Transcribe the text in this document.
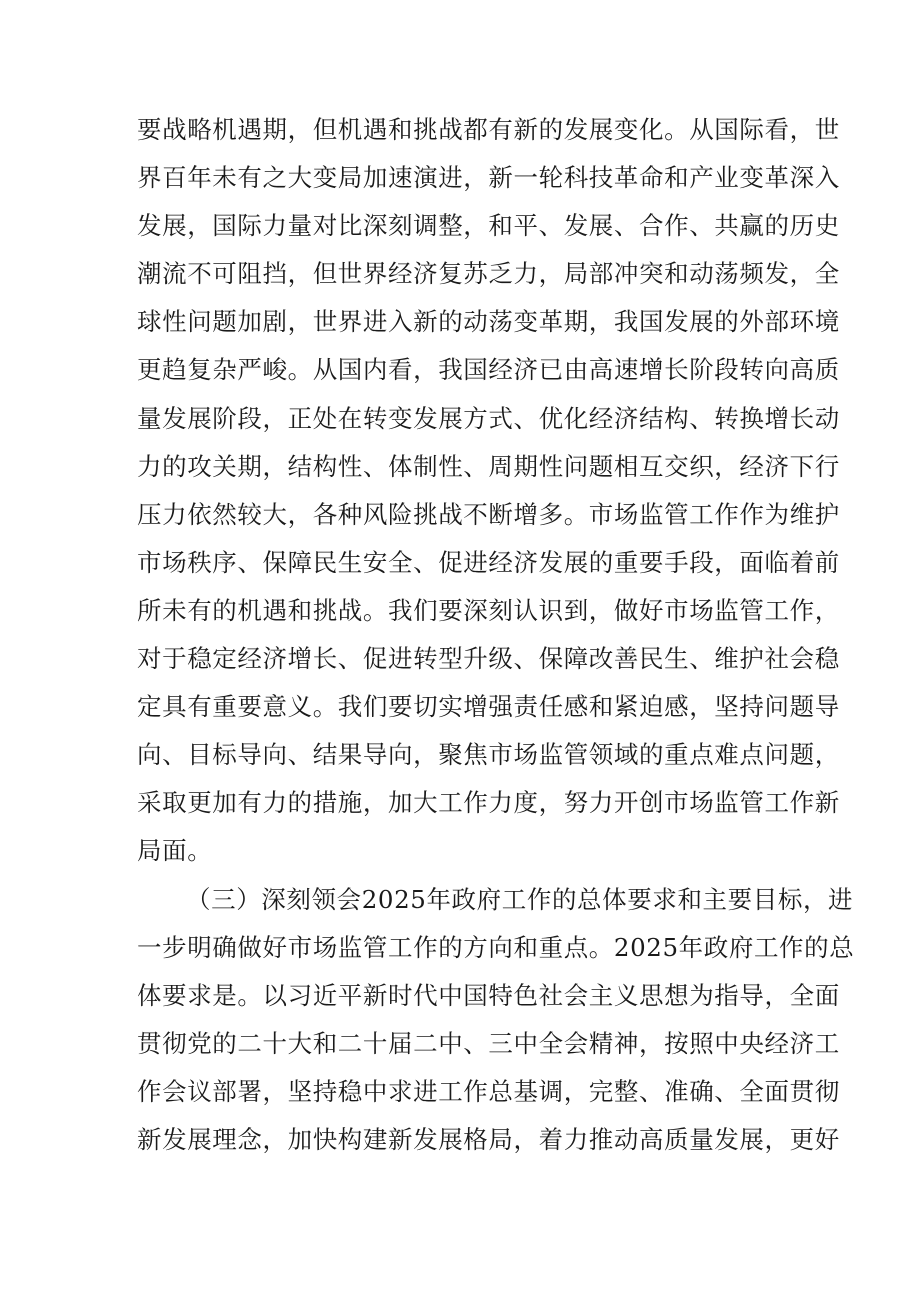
要战略机遇期，但机遇和挑战都有新的发展变化。从国际看，世
界百年未有之大变局加速演进，新一轮科技革命和产业变革深入
发展，国际力量对比深刻调整，和平、发展、合作、共赢的历史
潮流不可阻挡，但世界经济复苏乏力，局部冲突和动荡频发，全
球性问题加剧，世界进入新的动荡变革期，我国发展的外部环境
更趋复杂严峻。从国内看，我国经济已由高速增长阶段转向高质
量发展阶段，正处在转变发展方式、优化经济结构、转换增长动
力的攻关期，结构性、体制性、周期性问题相互交织，经济下行
压力依然较大，各种风险挑战不断增多。市场监管工作作为维护
市场秩序、保障民生安全、促进经济发展的重要手段，面临着前
所未有的机遇和挑战。我们要深刻认识到，做好市场监管工作，
对于稳定经济增长、促进转型升级、保障改善民生、维护社会稳
定具有重要意义。我们要切实增强责任感和紧迫感，坚持问题导
向、目标导向、结果导向，聚焦市场监管领域的重点难点问题，
采取更加有力的措施，加大工作力度，努力开创市场监管工作新
局面。
（三）深刻领会2025年政府工作的总体要求和主要目标，进
一步明确做好市场监管工作的方向和重点。2025年政府工作的总
体要求是。以习近平新时代中国特色社会主义思想为指导，全面
贯彻党的二十大和二十届二中、三中全会精神，按照中央经济工
作会议部署，坚持稳中求进工作总基调，完整、准确、全面贯彻
新发展理念，加快构建新发展格局，着力推动高质量发展，更好
